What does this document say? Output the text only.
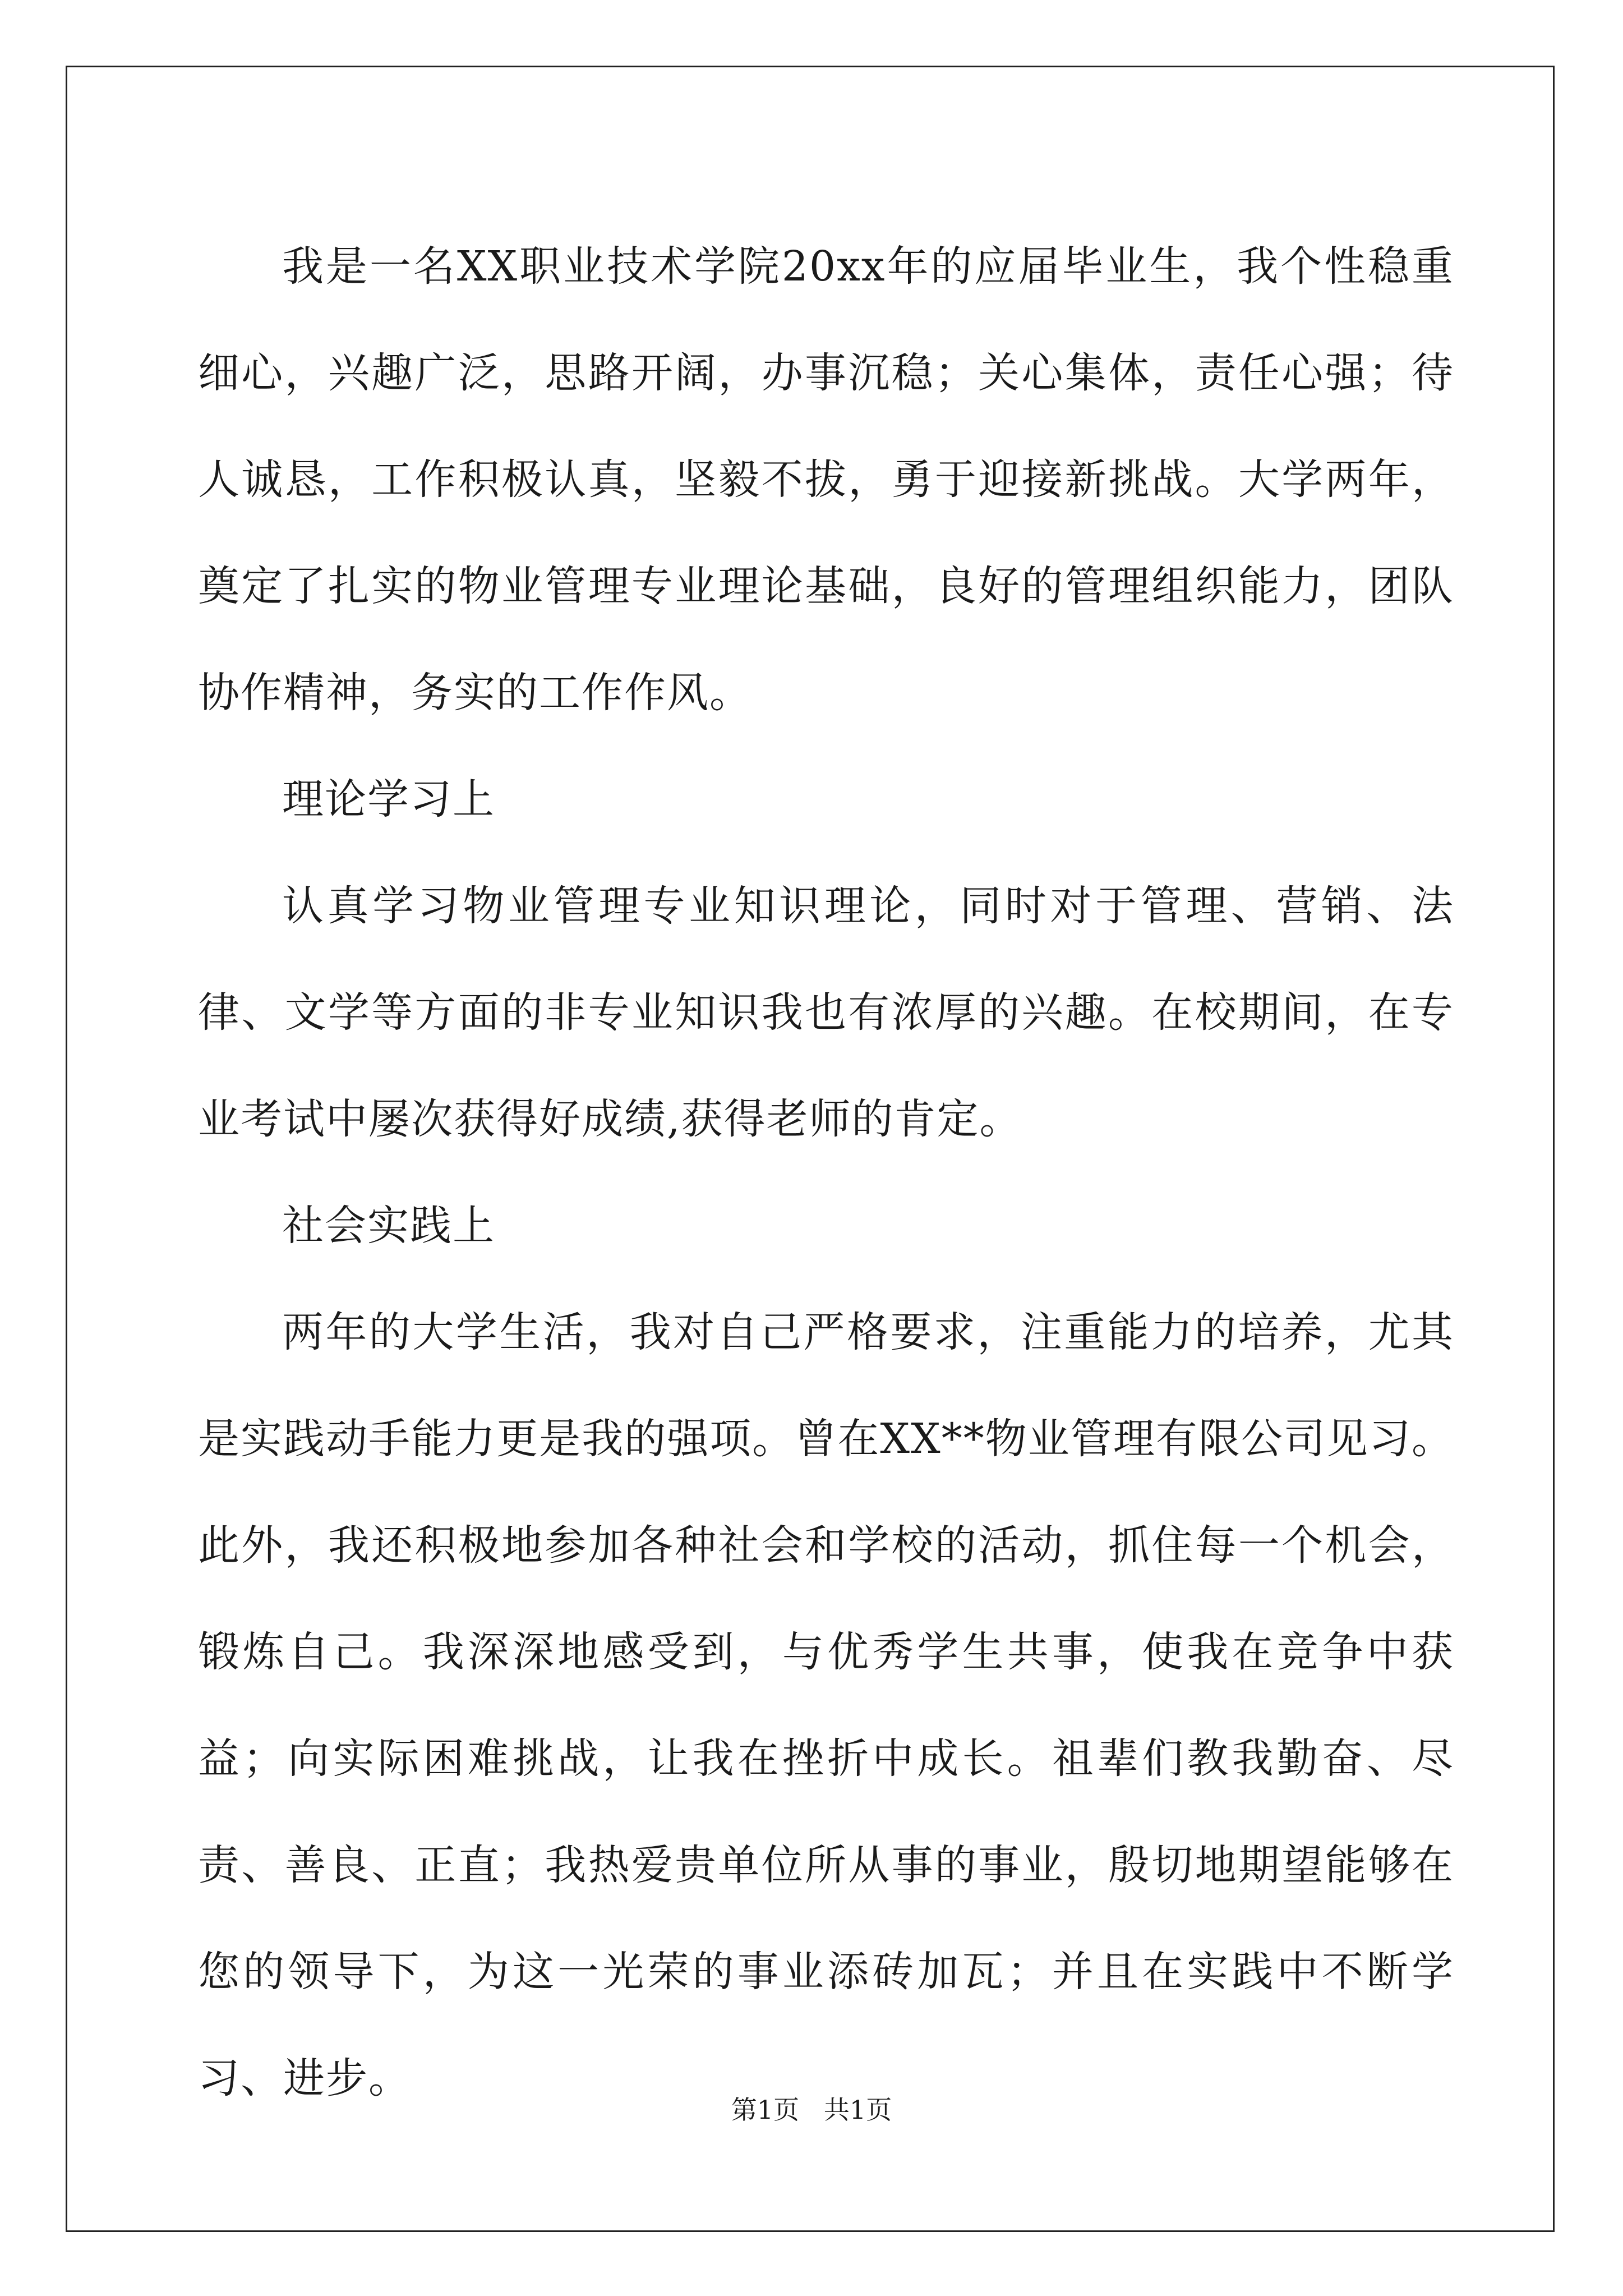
我是一名XX职业技术学院20xx年的应届毕业生，我个性稳重细心，兴趣广泛，思路开阔，办事沉稳；关心集体，责任心强；待人诚恳，工作积极认真，坚毅不拔，勇于迎接新挑战。大学两年，奠定了扎实的物业管理专业理论基础，良好的管理组织能力，团队协作精神，务实的工作作风。

理论学习上

认真学习物业管理专业知识理论，同时对于管理、营销、法律、文学等方面的非专业知识我也有浓厚的兴趣。在校期间，在专业考试中屡次获得好成绩,获得老师的肯定。

社会实践上

两年的大学生活，我对自己严格要求，注重能力的培养，尤其是实践动手能力更是我的强项。曾在XX**物业管理有限公司见习。此外，我还积极地参加各种社会和学校的活动，抓住每一个机会，锻炼自己。我深深地感受到，与优秀学生共事，使我在竞争中获益；向实际困难挑战，让我在挫折中成长。祖辈们教我勤奋、尽责、善良、正直；我热爱贵单位所从事的事业，殷切地期望能够在您的领导下，为这一光荣的事业添砖加瓦；并且在实践中不断学习、进步。

第1页   共1页
